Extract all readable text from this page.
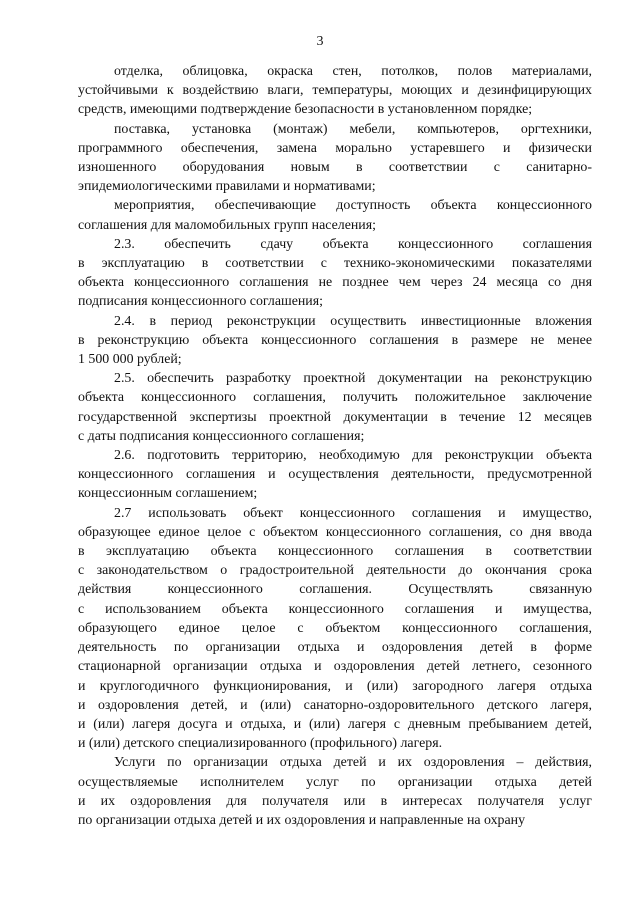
3
отделка, облицовка, окраска стен, потолков, полов материалами,
устойчивыми к воздействию влаги, температуры, моющих и дезинфицирующих
средств, имеющими подтверждение безопасности в установленном порядке;
поставка, установка (монтаж) мебели, компьютеров, оргтехники,
программного обеспечения, замена морально устаревшего и физически
изношенного оборудования новым в соответствии с санитарно-
эпидемиологическими правилами и нормативами;
мероприятия, обеспечивающие доступность объекта концессионного
соглашения для маломобильных групп населения;
2.3. обеспечить сдачу объекта концессионного соглашения
в эксплуатацию в соответствии с технико-экономическими показателями
объекта концессионного соглашения не позднее чем через 24 месяца со дня
подписания концессионного соглашения;
2.4. в период реконструкции осуществить инвестиционные вложения
в реконструкцию объекта концессионного соглашения в размере не менее
1 500 000 рублей;
2.5. обеспечить разработку проектной документации на реконструкцию
объекта концессионного соглашения, получить положительное заключение
государственной экспертизы проектной документации в течение 12 месяцев
с даты подписания концессионного соглашения;
2.6. подготовить территорию, необходимую для реконструкции объекта
концессионного соглашения и осуществления деятельности, предусмотренной
концессионным соглашением;
2.7 использовать объект концессионного соглашения и имущество,
образующее единое целое с объектом концессионного соглашения, со дня ввода
в эксплуатацию объекта концессионного соглашения в соответствии
с законодательством о градостроительной деятельности до окончания срока
действия концессионного соглашения. Осуществлять связанную
с использованием объекта концессионного соглашения и имущества,
образующего единое целое с объектом концессионного соглашения,
деятельность по организации отдыха и оздоровления детей в форме
стационарной организации отдыха и оздоровления детей летнего, сезонного
и круглогодичного функционирования, и (или) загородного лагеря отдыха
и оздоровления детей, и (или) санаторно-оздоровительного детского лагеря,
и (или) лагеря досуга и отдыха, и (или) лагеря с дневным пребыванием детей,
и (или) детского специализированного (профильного) лагеря.
Услуги по организации отдыха детей и их оздоровления – действия,
осуществляемые исполнителем услуг по организации отдыха детей
и их оздоровления для получателя или в интересах получателя услуг
по организации отдыха детей и их оздоровления и направленные на охрану
